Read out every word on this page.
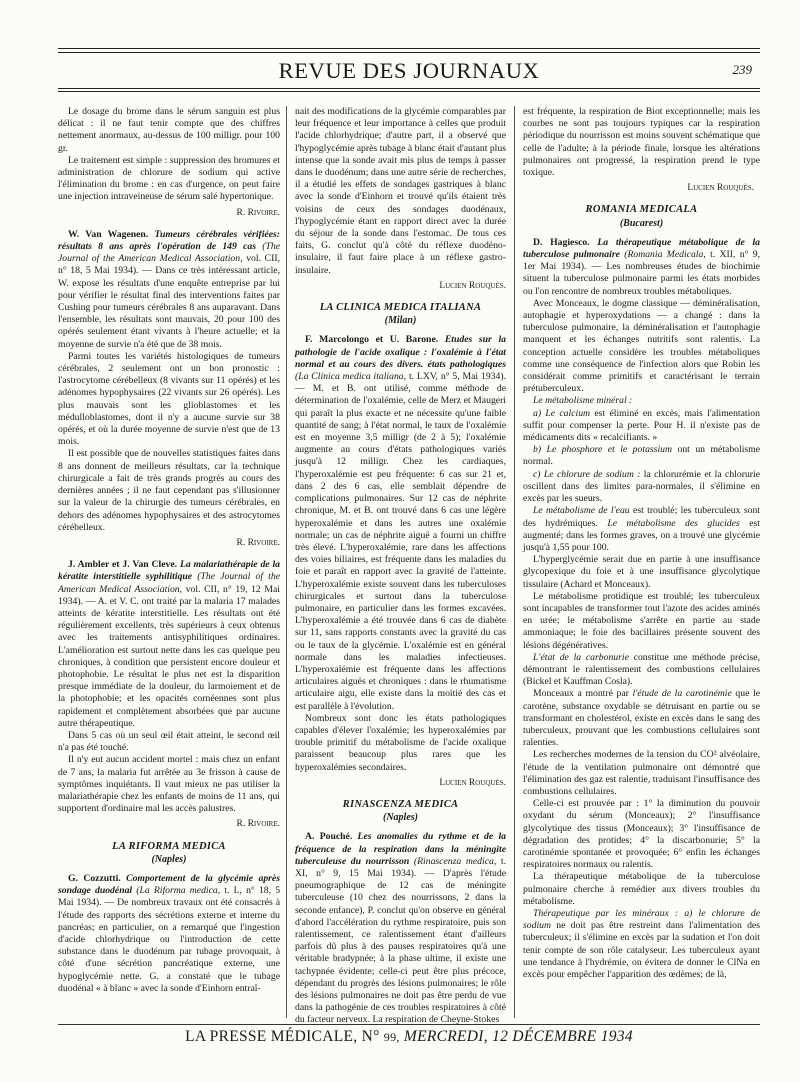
REVUE DES JOURNAUX	239

Le dosage du brome dans le sérum sanguin est plus délicat : il ne faut tenir compte que des chiffres nettement anormaux, au-dessus de 100 milligr. pour 100 gr.

Le traitement est simple : suppression des bromures et administration de chlorure de sodium qui active l'élimination du brome : en cas d'urgence, on peut faire une injection intraveineuse de sérum salé hypertonique.

R. Rivoire.

W. Van Wagenen. Tumeurs cérébrales vérifiées: résultats 8 ans après l'opération de 149 cas (The Journal of the American Medical Association, vol. CII, n° 18, 5 Mai 1934). — Dans ce très intéressant article, W. expose les résultats d'une enquête entreprise par lui pour vérifier le résultat final des interventions faites par Cushing pour tumeurs cérébrales 8 ans auparavant. Dans l'ensemble, les résultats sont mauvais, 20 pour 100 des opérés seulement étant vivants à l'heure actuelle; et la moyenne de survie n'a été que de 38 mois.

Parmi toutes les variétés histologiques de tumeurs cérébrales, 2 seulement ont un bon pronostic : l'astrocytome cérébelleux (8 vivants sur 11 opérés) et les adénomes hypophysaires (22 vivants sur 26 opérés). Les plus mauvais sont les glioblastomes et les médulloblastomes, dont il n'y a aucune survie sur 38 opérés, et où la durée moyenne de survie n'est que de 13 mois.

Il est possible que de nouvelles statistiques faites dans 8 ans donnent de meilleurs résultats, car la technique chirurgicale a fait de très grands progrès au cours des dernières années ; il ne faut cependant pas s'illusionner sur la valeur de la chirurgie des tumeurs cérébrales, en dehors des adénomes hypophysaires et des astrocytomes cérébelleux.

R. Rivoire.

J. Ambler et J. Van Cleve. La malariathérapie de la kératite interstitielle syphilitique (The Journal of the American Medical Association, vol. CII, n° 19, 12 Mai 1934). — A. et V. C. ont traité par la malaria 17 malades atteints de kératite interstitielle. Les résultats ont été régulièrement excellents, très supérieurs à ceux obtenus avec les traitements antisyphilitiques ordinaires. L'amélioration est surtout nette dans les cas quelque peu chroniques, à condition que persistent encore douleur et photophobie. Le résultat le plus net est la disparition presque immédiate de la douleur, du larmoiement et de la photophobie; et les opacités cornéennes sont plus rapidement et complètement absorbées que par aucune autre thérapeutique.

Dans 5 cas où un seul œil était atteint, le second œil n'a pas été touché.

Il n'y eut aucun accident mortel : mais chez un enfant de 7 ans, la malaria fut arrêtée au 3e frisson à cause de symptômes inquiétants. Il vaut mieux ne pas utiliser la malariathérapie chez les enfants de moins de 11 ans, qui supportent d'ordinaire mal les accès palustres.

R. Rivoire.
LA RIFORMA MEDICA
(Naples)

G. Cozzutti. Comportement de la glycémie après sondage duodénal (La Riforma medica, t. L, n° 18, 5 Mai 1934). — De nombreux travaux ont été consacrés à l'étude des rapports des sécrétions externe et interne du pancréas; en particulier, on a remarqué que l'ingestion d'acide chlorhydrique ou l'introduction de cette substance dans le duodénum par tubage provoquait, à côté d'une sécrétion pancréatique externe, une hypoglycémie nette. G. a constaté que le tubage duodénal « à blanc » avec la sonde d'Einhorn entraî-

nait des modifications de la glycémie comparables par leur fréquence et leur importance à celles que produit l'acide chlorhydrique; d'autre part, il a observé que l'hypoglycémie après tubage à blanc était d'autant plus intense que la sonde avait mis plus de temps à passer dans le duodénum; dans une autre série de recherches, il a étudié les effets de sondages gastriques à blanc avec la sonde d'Einhorn et trouvé qu'ils étaient très voisins de ceux des sondages duodénaux, l'hypoglycémie étant en rapport direct avec la durée du séjour de la sonde dans l'estomac. De tous ces faits, G. conclut qu'à côté du réflexe duodéno-insulaire, il faut faire place à un réflexe gastro-insulaire.

Lucien Rouquès.
LA CLINICA MEDICA ITALIANA
(Milan)

F. Marcolongo et U. Barone. Etudes sur la pathologie de l'acide oxalique : l'oxalémie à l'état normal et au cours des divers. états pathologiques (La Clinica medica italiana, t. LXV, n° 5, Mai 1934). — M. et B. ont utilisé, comme méthode de détermination de l'oxalémie, celle de Merz et Maugeri qui paraît la plus exacte et ne nécessite qu'une faible quantité de sang; à l'état normal, le taux de l'oxalémie est en moyenne 3,5 milligr (de 2 à 5); l'oxalémie augmente au cours d'états pathologiques variés jusqu'à 12 milligr. Chez les cardiaques, l'hyperoxalémie est peu fréquente: 6 cas sur 21 et, dans 2 des 6 cas, elle semblait dépendre de complications pulmonaires. Sur 12 cas de néphrite chronique, M. et B. ont trouvé dans 6 cas une légère hyperoxalémie et dans les autres une oxalémie normale; un cas de néphrite aiguë a fourni un chiffre très élevé. L'hyperoxalémie, rare dans les affections des voies biliaires, est fréquente dans les maladies du foie et paraît en rapport avec la gravité de l'atteinte. L'hyperoxalémie existe souvent dans les tuberculoses chirurgicales et surtout dans la tuberculose pulmonaire, en particulier dans les formes excavées. L'hyperoxalémie a été trouvée dans 6 cas de diabète sur 11, sans rapports constants avec la gravité du cas ou le taux de la glycémie. L'oxalémie est en général normale dans les maladies infectieuses. L'hyperoxalémie est fréquente dans les affections articulaires aiguës et chroniques : dans le rhumatisme articulaire aigu, elle existe dans la moitié des cas et est parallèle à l'évolution.

Nombreux sont donc les états pathologiques capables d'élever l'oxalémie; les hyperoxalémies par trouble primitif du métabolisme de l'acide oxalique paraissent beaucoup plus rares que les hyperoxalémies secondaires.

Lucien Rouquès.
RINASCENZA MEDICA
(Naples)

A. Pouché. Les anomalies du rythme et de la fréquence de la respiration dans la méningite tuberculeuse du nourrisson (Rinascenza medica, t. XI, n° 9, 15 Mai 1934). — D'après l'étude pneumographique de 12 cas de méningite tuberculeuse (10 chez des nourrissons, 2 dans la seconde enfance), P. conclut qu'on observe en général d'abord l'accélération du rythme respiratoire, puis son ralentissement, ce ralentissement étant d'ailleurs parfois dû plus à des pauses respiratoires qu'à une véritable bradypnée; à la phase ultime, il existe une tachypnée évidente; celle-ci peut être plus précoce, dépendant du progrès des lésions pulmonaires; le rôle des lésions pulmonaires ne doit pas être perdu de vue dans la pathogénie de ces troubles respiratoires à côté du facteur nerveux. La respiration de Cheyne-Stokes

est fréquente, la respiration de Biot exceptionnelle; mais les courbes ne sont pas toujours typiques car la respiration périodique du nourrisson est moins souvent schématique que celle de l'adulte; à la période finale, lorsque les altérations pulmonaires ont progressé, la respiration prend le type toxique.

Lucien Rouquès.
ROMANIA MEDICALA
(Bucarest)

D. Hagiesco. La thérapeutique métabolique de la tuberculose pulmonaire (Romania Medicala, t. XII, n° 9, 1er Mai 1934). — Les nombreuses études de biochimie situent la tuberculose pulmonaire parmi les états morbides ou l'on rencontre de nombreux troubles métaboliques.

Avec Monceaux, le dogme classique — déminéralisation, autophagie et hyperoxydations — a changé : dans la tuberculose pulmonaire, la déminéralisation et l'autophagie manquent et les échanges nutritifs sont ralentis. La conception actuelle considère les troubles métaboliques comme une conséquence de l'infection alors que Robin les considérait comme primitifs et caractérisant le terrain prétuberculeux.

Le métabolisme minéral :

a) Le calcium est éliminé en excès, mais l'alimentation suffit pour compenser la perte. Pour H. il n'existe pas de médicaments dits « recalcifiants. »

b) Le phosphore et le potassium ont un métabolisme normal.

c) Le chlorure de sodium : la chlorurémie et la chlorurie oscillent dans des limites para-normales, il s'élimine en excès par les sueurs.

Le métabolisme de l'eau est troublé; les tuberculeux sont des hydrémiques. Le métabolisme des glucides est augmenté; dans les formes graves, on a trouvé une glycémie jusqu'à 1,55 pour 100.

L'hyperglycémie serait due en partie à une insuffisance glycopexique du foie et à une insuffisance glycolytique tissulaire (Achard et Monceaux).

Le métabolisme protidique est troublé; les tuberculeux sont incapables de transformer tout l'azote des acides aminés en urée; le métabolisme s'arrête en partie au stade ammoniaque; le foie des bacillaires présente souvent des lésions dégénératives.

L'état de la carbonurie constitue une méthode précise, démontrant le ralentissement des combustions cellulaires (Bickel et Kauffman Cosla).

Monceaux a montré par l'étude de la carotinémie que le carotène, substance oxydable se détruisant en partie ou se transformant en cholestérol, existe en excès dans le sang des tuberculeux, prouvant que les combustions cellulaires sont ralenties.

Les recherches modernes de la tension du CO² alvéolaire, l'étude de la ventilation pulmonaire ont démontré que l'élimination des gaz est ralentie, traduisant l'insuffisance des combustions cellulaires.

Celle-ci est prouvée par : 1° la diminution du pouvoir oxydant du sérum (Monceaux); 2° l'insuffisance glycolytique des tissus (Monceaux); 3° l'insuffisance de dégradation des protides; 4° la discarbonurie; 5° la carotinémie spontanée et provoquée; 6° enfin les échanges respiratoires normaux ou ralentis.

La thérapeutique métabolique de la tuberculose pulmonaire cherche à remédier aux divers troubles du métabolisme.

Thérapeutique par les minéraux : a) le chlorure de sodium ne doit pas être restreint dans l'alimentation des tuberculeux; il s'élimine en excès par la sudation et l'on doit tenir compte de son rôle catalyseur. Les tuberculeux ayant une tendance à l'hydrémie, on évitera de donner le ClNa en excès pour empêcher l'apparition des œdèmes; de là,

LA PRESSE MÉDICALE, N° 99, MERCREDI, 12 DÉCEMBRE 1934
